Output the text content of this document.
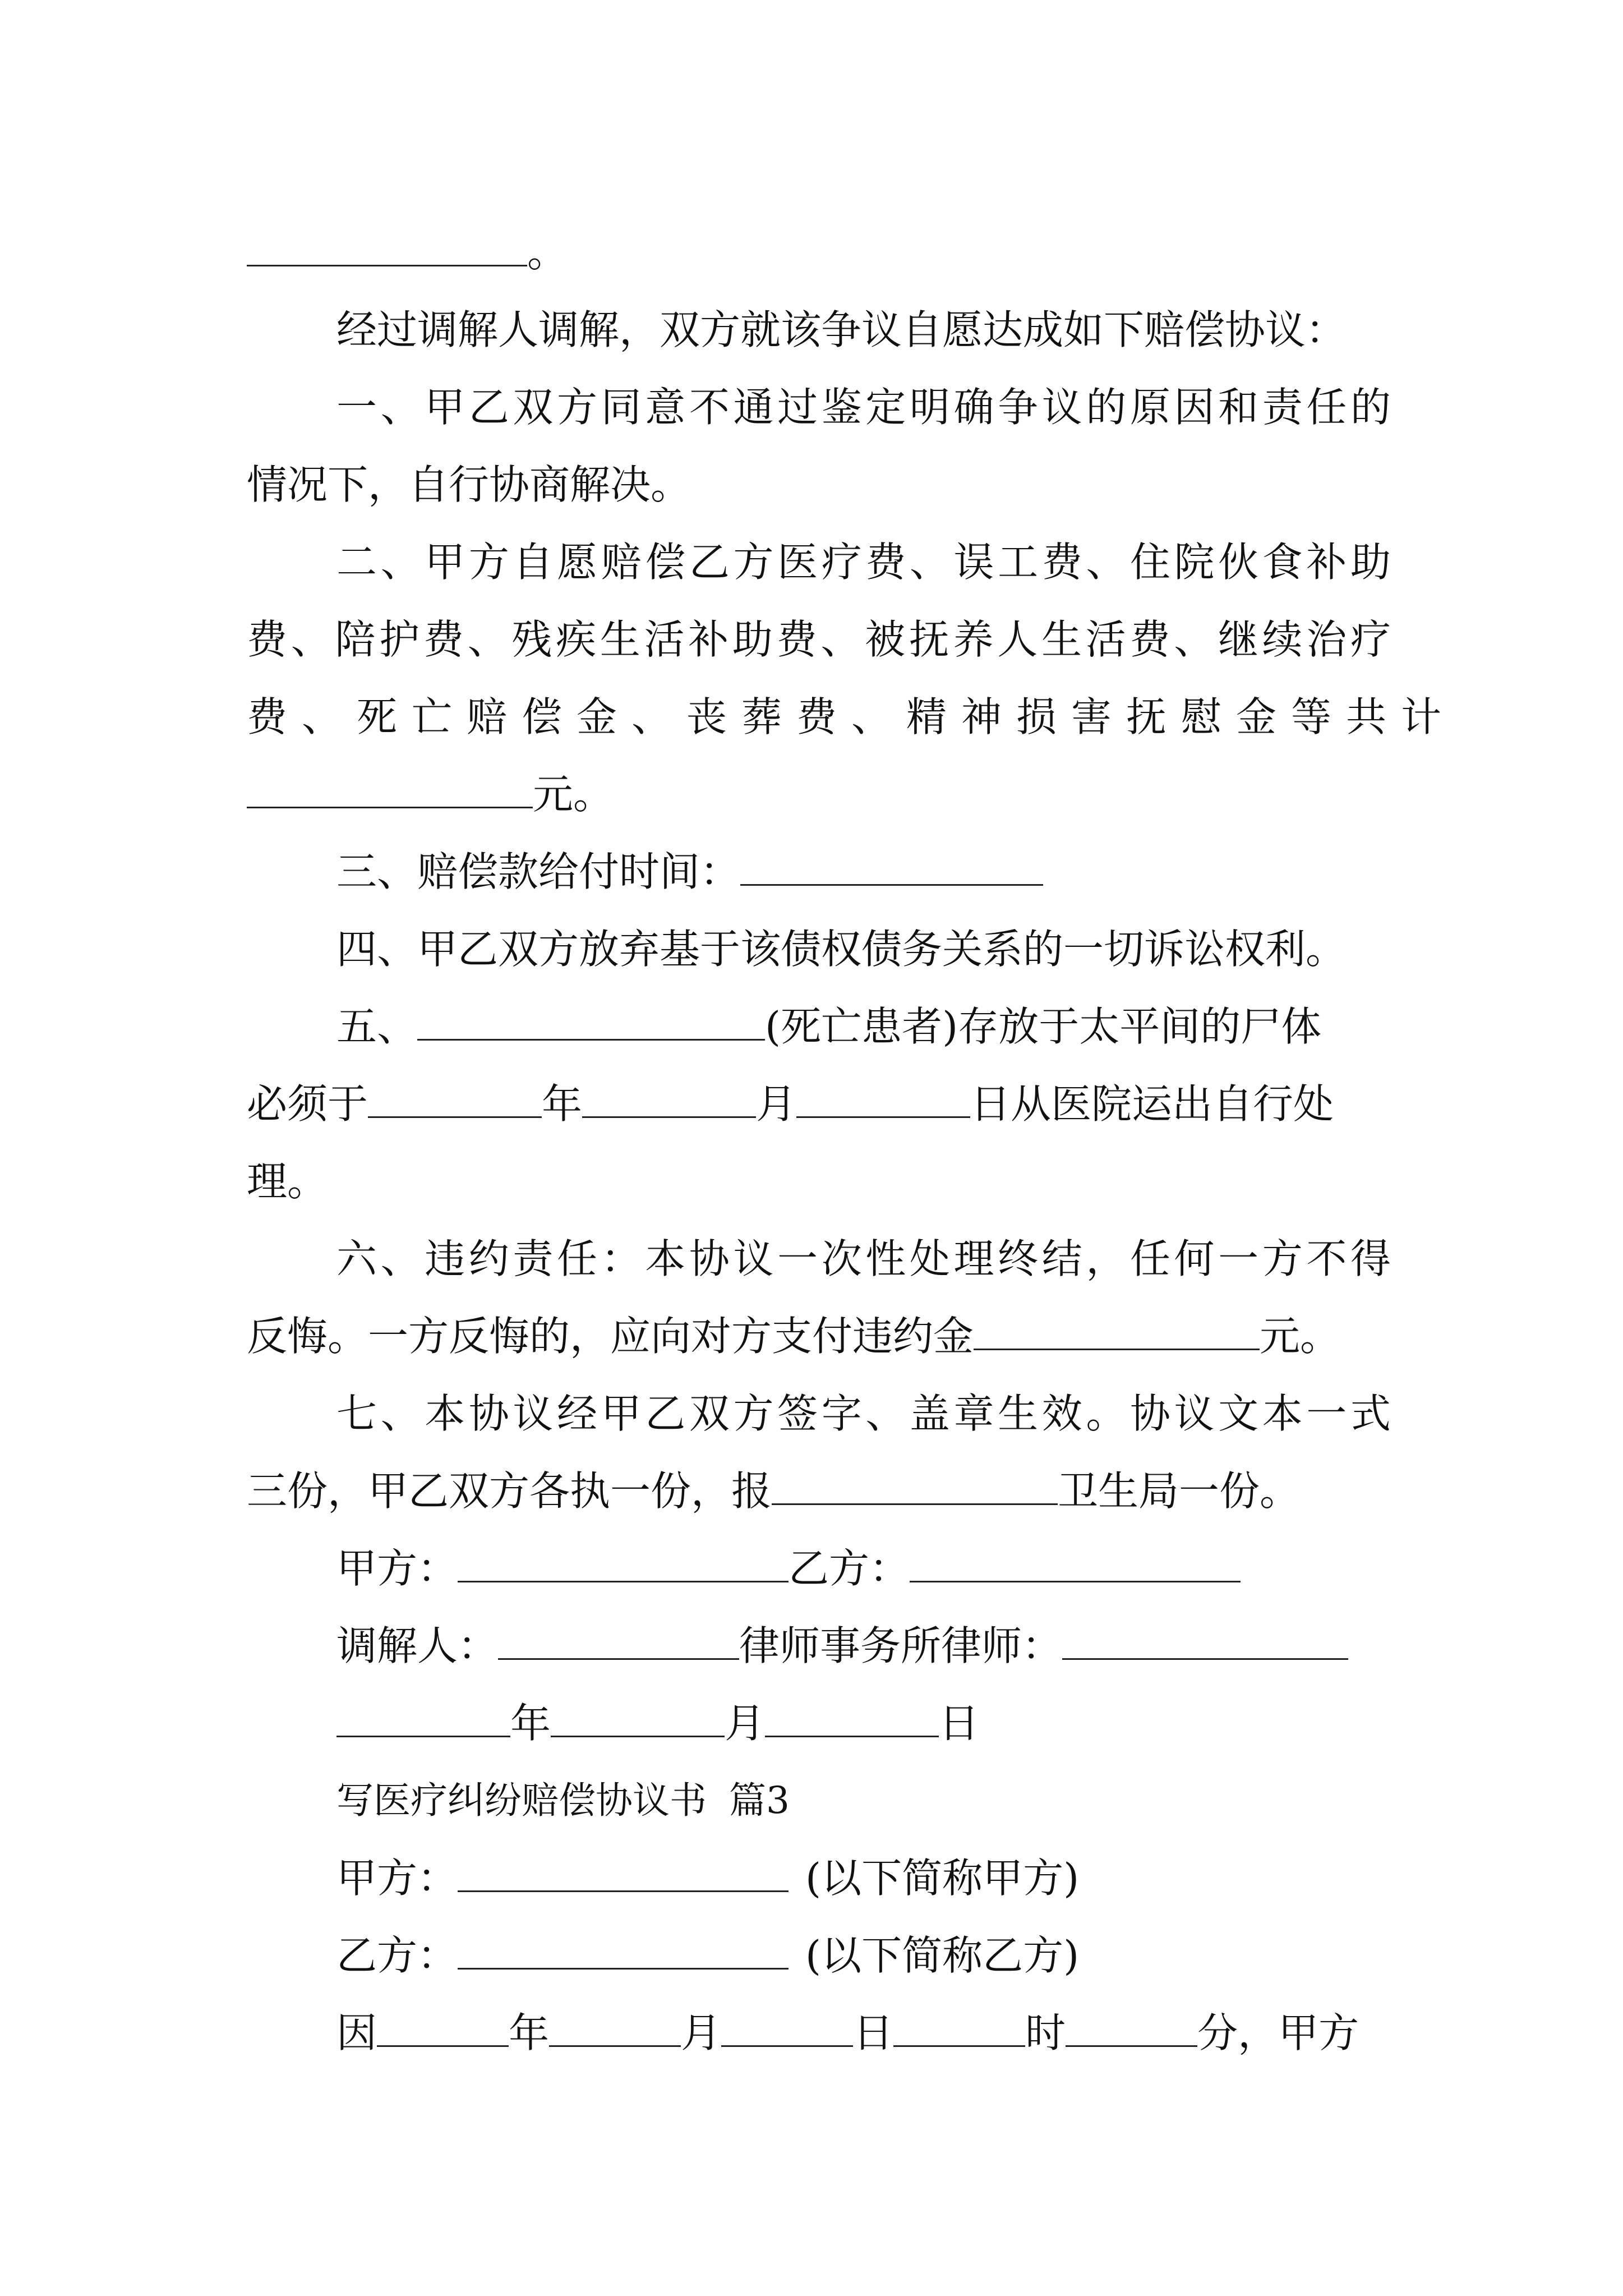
。
经过调解人调解，双方就该争议自愿达成如下赔偿协议：
一、甲乙双方同意不通过鉴定明确争议的原因和责任的
情况下，自行协商解决。
二、甲方自愿赔偿乙方医疗费、误工费、住院伙食补助
费、陪护费、残疾生活补助费、被抚养人生活费、继续治疗
费、死亡赔偿金、丧葬费、精神损害抚慰金等共计
元。
三、赔偿款给付时间：
四、甲乙双方放弃基于该债权债务关系的一切诉讼权利。
五、	(死亡患者)存放于太平间的尸体
必须于	年	月	日从医院运出自行处
理。
六、违约责任：本协议一次性处理终结，任何一方不得
反悔。一方反悔的，应向对方支付违约金	元。
七、本协议经甲乙双方签字、盖章生效。协议文本一式
三份，甲乙双方各执一份，报	卫生局一份。
甲方：	乙方：
调解人：	律师事务所律师：
年	月	日
写医疗纠纷赔偿协议书 篇3
甲方：	(以下简称甲方)
乙方：	(以下简称乙方)
因	年	月	日	时	分，甲方
